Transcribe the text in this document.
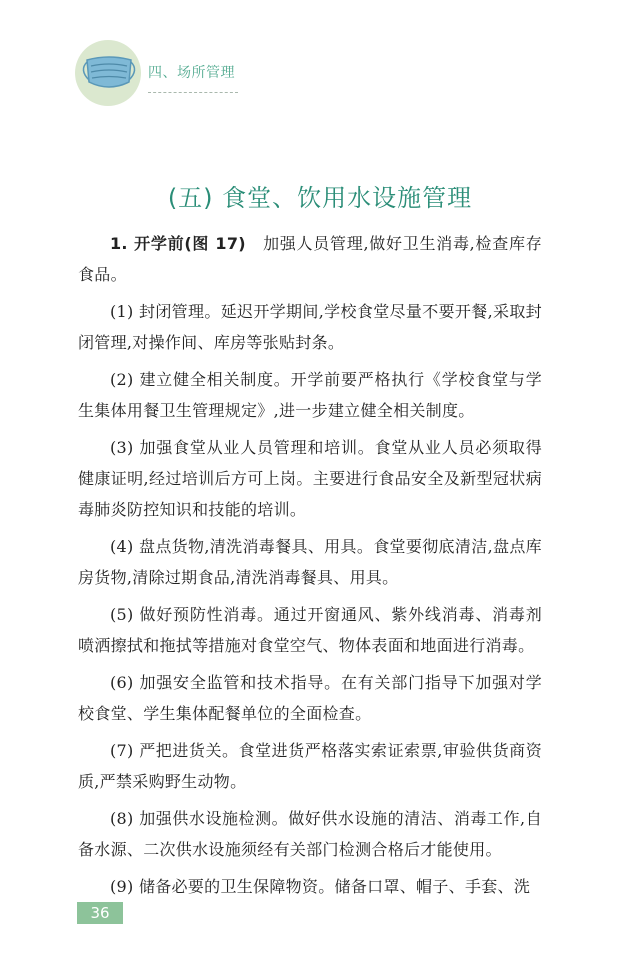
四、场所管理
(五) 食堂、饮用水设施管理

1. 开学前(图 17)　 加强人员管理,做好卫生消毒,检查库存食品。

(1) 封闭管理。延迟开学期间,学校食堂尽量不要开餐,采取封闭管理,对操作间、库房等张贴封条。

(2) 建立健全相关制度。开学前要严格执行《学校食堂与学生集体用餐卫生管理规定》,进一步建立健全相关制度。

(3) 加强食堂从业人员管理和培训。食堂从业人员必须取得健康证明,经过培训后方可上岗。主要进行食品安全及新型冠状病毒肺炎防控知识和技能的培训。

(4) 盘点货物,清洗消毒餐具、用具。食堂要彻底清洁,盘点库房货物,清除过期食品,清洗消毒餐具、用具。

(5) 做好预防性消毒。通过开窗通风、紫外线消毒、消毒剂喷洒擦拭和拖拭等措施对食堂空气、物体表面和地面进行消毒。

(6) 加强安全监管和技术指导。在有关部门指导下加强对学校食堂、学生集体配餐单位的全面检查。

(7) 严把进货关。食堂进货严格落实索证索票,审验供货商资质,严禁采购野生动物。

(8) 加强供水设施检测。做好供水设施的清洁、消毒工作,自备水源、二次供水设施须经有关部门检测合格后才能使用。

(9) 储备必要的卫生保障物资。储备口罩、帽子、手套、洗

36
